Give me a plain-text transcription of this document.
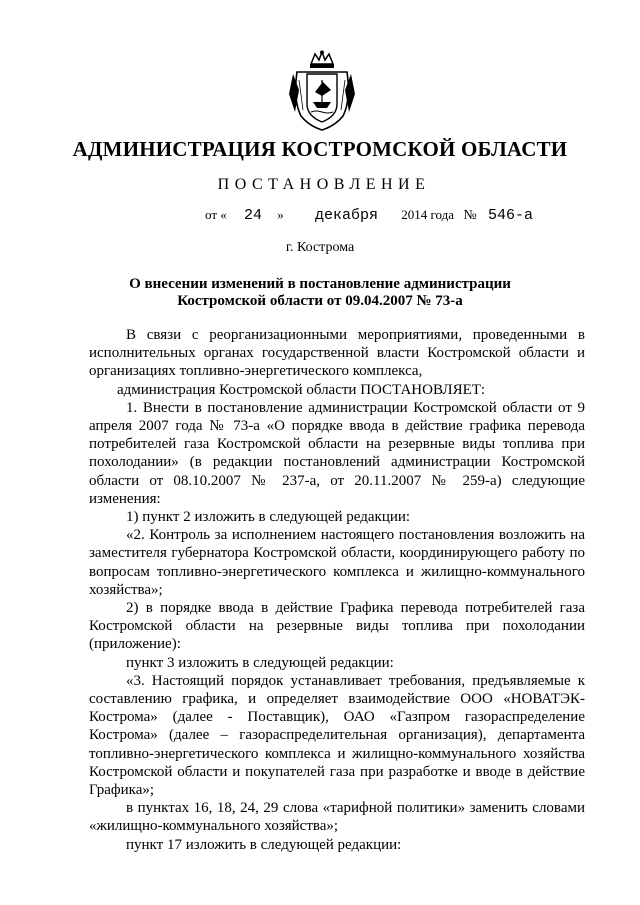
АДМИНИСТРАЦИЯ КОСТРОМСКОЙ ОБЛАСТИ
ПОСТАНОВЛЕНИЕ
от « 24 » декабря 2014 года № 546-а
г. Кострома
О внесении изменений в постановление администрации
Костромской области от 09.04.2007 № 73-а

В связи с реорганизационными мероприятиями, проведенными в исполнительных органах государственной власти Костромской области и организациях топливно-энергетического комплекса,

администрация Костромской области ПОСТАНОВЛЯЕТ:

1. Внести в постановление администрации Костромской области от 9 апреля 2007 года № 73-а «О порядке ввода в действие графика перевода потребителей газа Костромской области на резервные виды топлива при похолодании» (в редакции постановлений администрации Костромской области от 08.10.2007 № 237-а, от 20.11.2007 № 259-а) следующие изменения:

1) пункт 2 изложить в следующей редакции:

«2. Контроль за исполнением настоящего постановления возложить на заместителя губернатора Костромской области, координирующего работу по вопросам топливно-энергетического комплекса и жилищно-коммунального хозяйства»;

2) в порядке ввода в действие Графика перевода потребителей газа Костромской области на резервные виды топлива при похолодании (приложение):

пункт 3 изложить в следующей редакции:

«3. Настоящий порядок устанавливает требования, предъявляемые к составлению графика, и определяет взаимодействие ООО «НОВАТЭК-Кострома» (далее - Поставщик), ОАО «Газпром газораспределение Кострома» (далее – газораспределительная организация), департамента топливно-энергетического комплекса и жилищно-коммунального хозяйства Костромской области и покупателей газа при разработке и вводе в действие Графика»;

в пунктах 16, 18, 24, 29 слова «тарифной политики» заменить словами «жилищно-коммунального хозяйства»;

пункт 17 изложить в следующей редакции:
